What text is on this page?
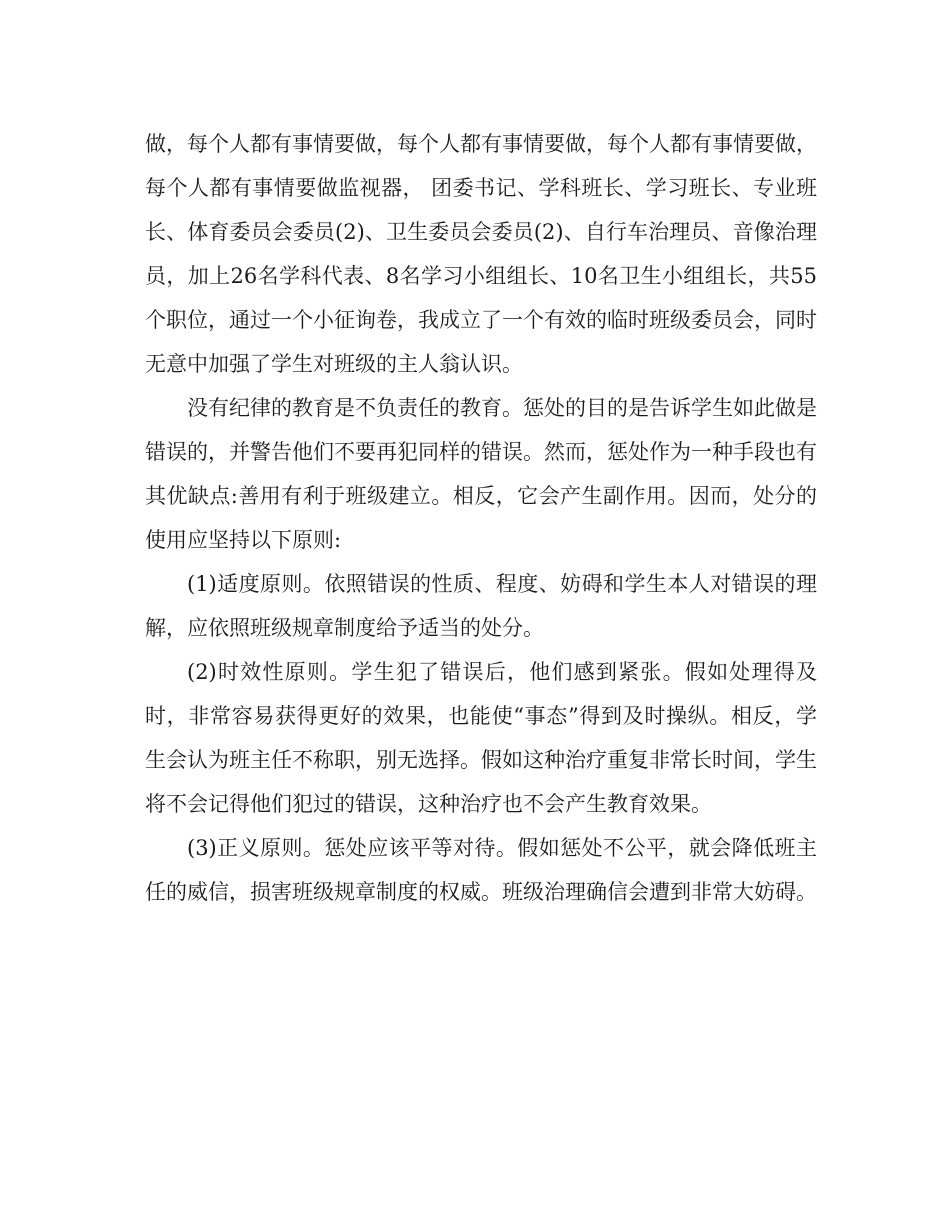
做，每个人都有事情要做，每个人都有事情要做，每个人都有事情要做，每个人都有事情要做监视器， 团委书记、学科班长、学习班长、专业班长、体育委员会委员(2)、卫生委员会委员(2)、自行车治理员、音像治理员，加上26名学科代表、8名学习小组组长、10名卫生小组组长，共55个职位，通过一个小征询卷，我成立了一个有效的临时班级委员会，同时无意中加强了学生对班级的主人翁认识。

没有纪律的教育是不负责任的教育。惩处的目的是告诉学生如此做是错误的，并警告他们不要再犯同样的错误。然而，惩处作为一种手段也有其优缺点:善用有利于班级建立。相反，它会产生副作用。因而，处分的使用应坚持以下原则:

(1)适度原则。依照错误的性质、程度、妨碍和学生本人对错误的理解，应依照班级规章制度给予适当的处分。

(2)时效性原则。学生犯了错误后，他们感到紧张。假如处理得及时，非常容易获得更好的效果，也能使“事态”得到及时操纵。相反，学生会认为班主任不称职，别无选择。假如这种治疗重复非常长时间，学生将不会记得他们犯过的错误，这种治疗也不会产生教育效果。

(3)正义原则。惩处应该平等对待。假如惩处不公平，就会降低班主任的威信，损害班级规章制度的权威。班级治理确信会遭到非常大妨碍。
